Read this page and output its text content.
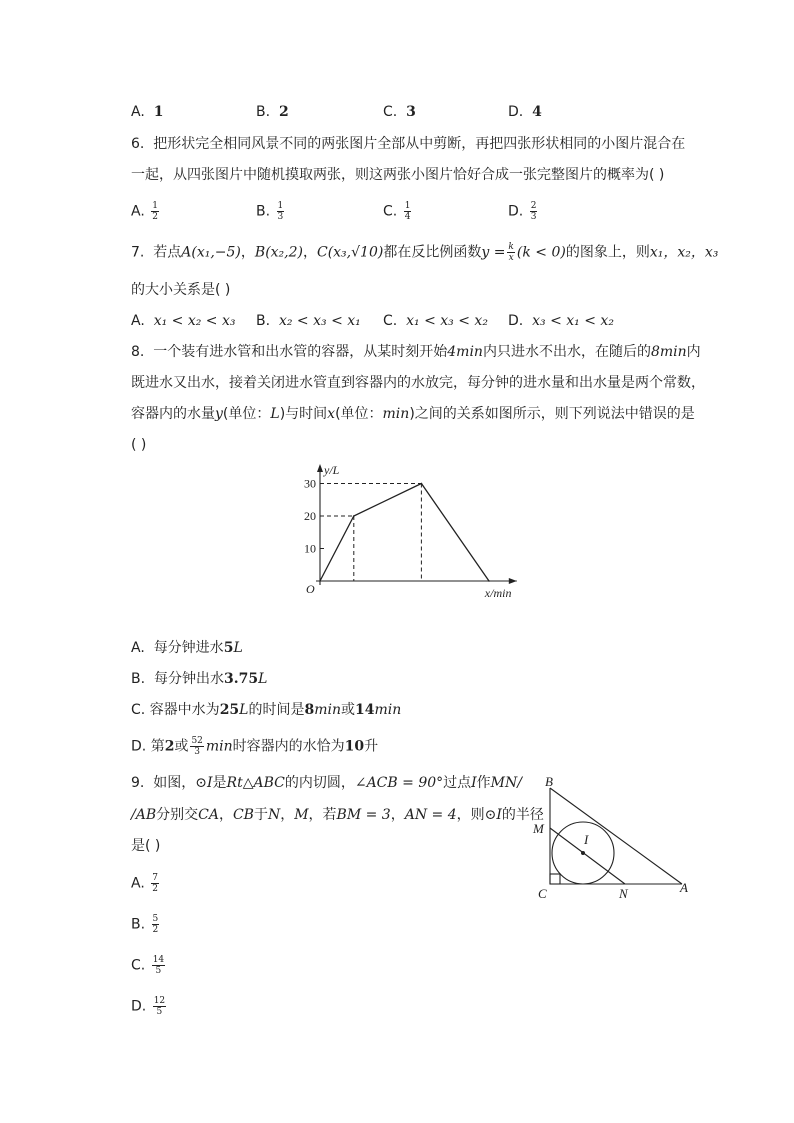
A. 1	B. 2	C. 3	D. 4
6. 把形状完全相同风景不同的两张图片全部从中剪断，再把四张形状相同的小图片混合在
一起，从四张图片中随机摸取两张，则这两张小图片恰好合成一张完整图片的概率为( )
A. $\frac{1}{2}$	B. $\frac{1}{3}$	C. $\frac{1}{4}$	D. $\frac{2}{3}$
7. 若点A(x₁,−5)，B(x₂,2)，C(x₃,√10)都在反比例函数$y = \frac{k}{x} (k < 0)$的图象上，则x₁，x₂，x₃
的大小关系是( )
A. x₁ < x₂ < x₃ B. x₂ < x₃ < x₁ C. x₁ < x₃ < x₂ D. x₃ < x₁ < x₂
8. 一个装有进水管和出水管的容器，从某时刻开始4min内只进水不出水，在随后的8min内
既进水又出水，接着关闭进水管直到容器内的水放完，每分钟的进水量和出水量是两个常数，
容器内的水量y(单位：L)与时间x(单位：min)之间的关系如图所示，则下列说法中错误的是
( )
y/L
x/min
O
10
20
30
A. 每分钟进水5L
B. 每分钟出水3.75L
C. 容器中水为25L的时间是8min或14min
D. 第2或 $\frac{52}{3}$ min时容器内的水恰为10升
9. 如图，⊙I是Rt△ABC的内切圆，∠ACB = 90°过点I作MN/
/AB分别交CA，CB于N，M，若BM = 3，AN = 4，则⊙I的半径
是( )
A. $\frac{7}{2}$
B. $\frac{5}{2}$
C. $\frac{14}{5}$
D. $\frac{12}{5}$
B
M
I
C	N	A
